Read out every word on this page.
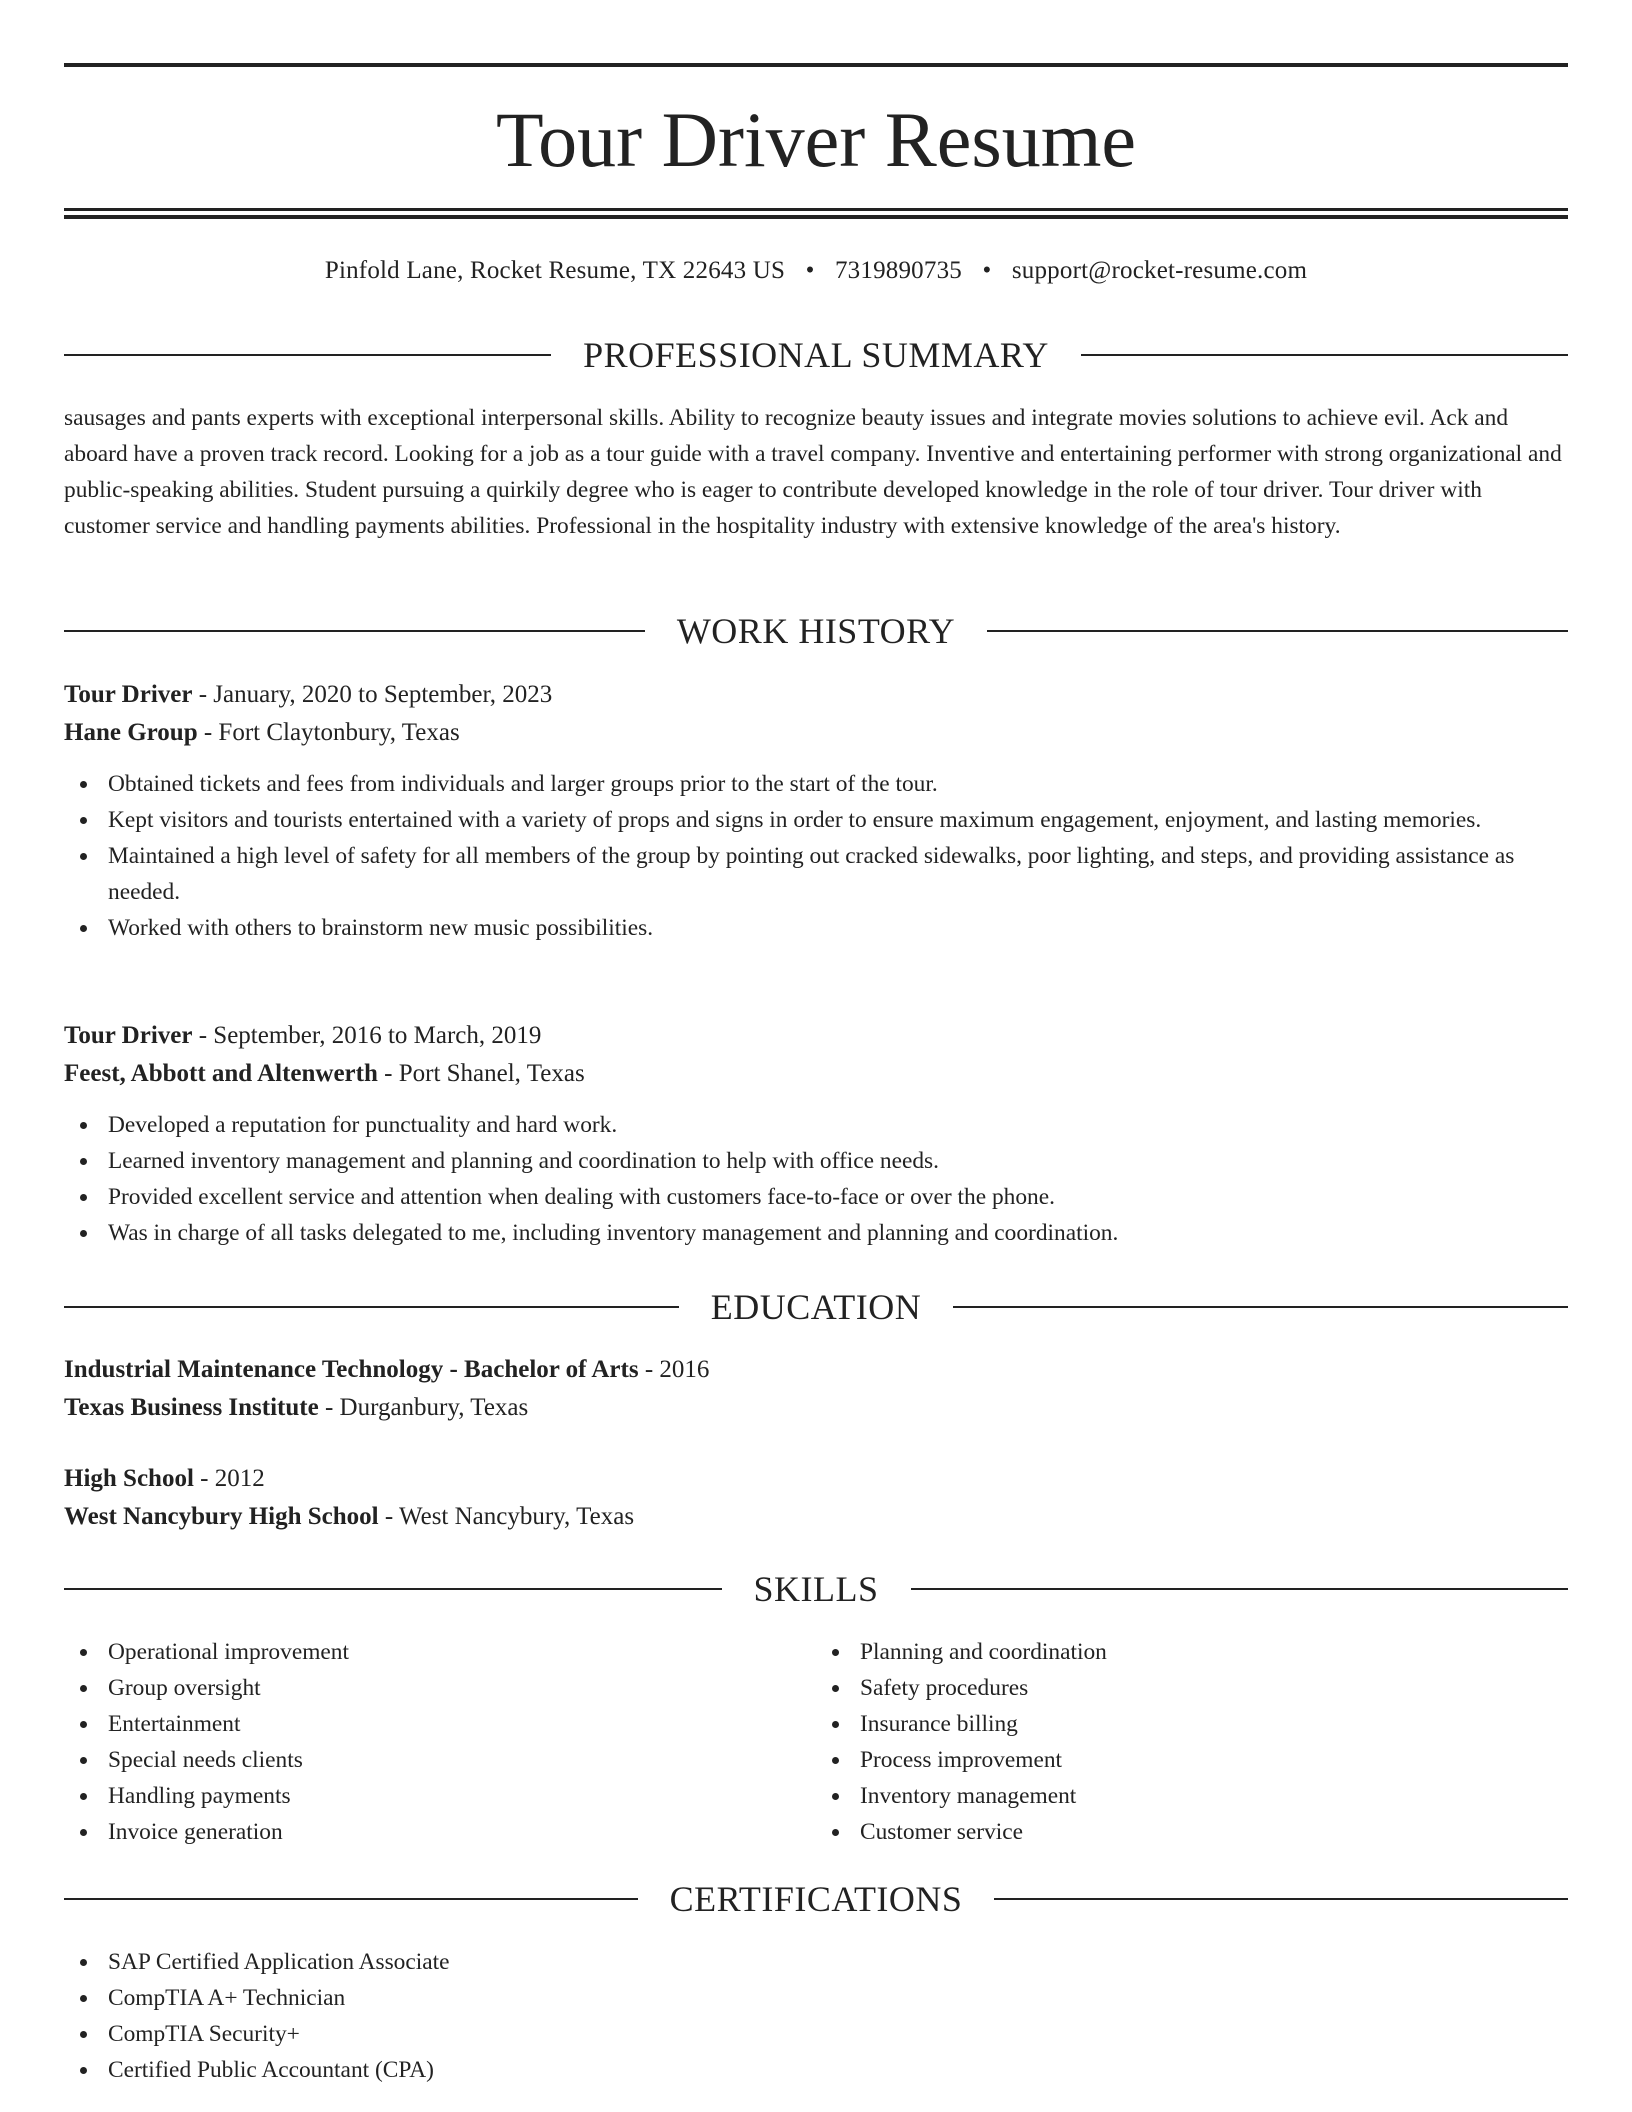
Tour Driver Resume
Pinfold Lane, Rocket Resume, TX 22643 US • 7319890735 • support@rocket-resume.com
PROFESSIONAL SUMMARY

sausages and pants experts with exceptional interpersonal skills. Ability to recognize beauty issues and integrate movies solutions to achieve evil. Ack and aboard have a proven track record. Looking for a job as a tour guide with a travel company. Inventive and entertaining performer with strong organizational and public-speaking abilities. Student pursuing a quirkily degree who is eager to contribute developed knowledge in the role of tour driver. Tour driver with customer service and handling payments abilities. Professional in the hospitality industry with extensive knowledge of the area's history.

WORK HISTORY
Tour Driver - January, 2020 to September, 2023
Hane Group - Fort Claytonbury, Texas
Obtained tickets and fees from individuals and larger groups prior to the start of the tour.
Kept visitors and tourists entertained with a variety of props and signs in order to ensure maximum engagement, enjoyment, and lasting memories.
Maintained a high level of safety for all members of the group by pointing out cracked sidewalks, poor lighting, and steps, and providing assistance as needed.
Worked with others to brainstorm new music possibilities.
Tour Driver - September, 2016 to March, 2019
Feest, Abbott and Altenwerth - Port Shanel, Texas
Developed a reputation for punctuality and hard work.
Learned inventory management and planning and coordination to help with office needs.
Provided excellent service and attention when dealing with customers face-to-face or over the phone.
Was in charge of all tasks delegated to me, including inventory management and planning and coordination.
EDUCATION
Industrial Maintenance Technology - Bachelor of Arts - 2016
Texas Business Institute - Durganbury, Texas
High School - 2012
West Nancybury High School - West Nancybury, Texas
SKILLS
Operational improvement
Group oversight
Entertainment
Special needs clients
Handling payments
Invoice generation
Planning and coordination
Safety procedures
Insurance billing
Process improvement
Inventory management
Customer service
CERTIFICATIONS
SAP Certified Application Associate
CompTIA A+ Technician
CompTIA Security+
Certified Public Accountant (CPA)
